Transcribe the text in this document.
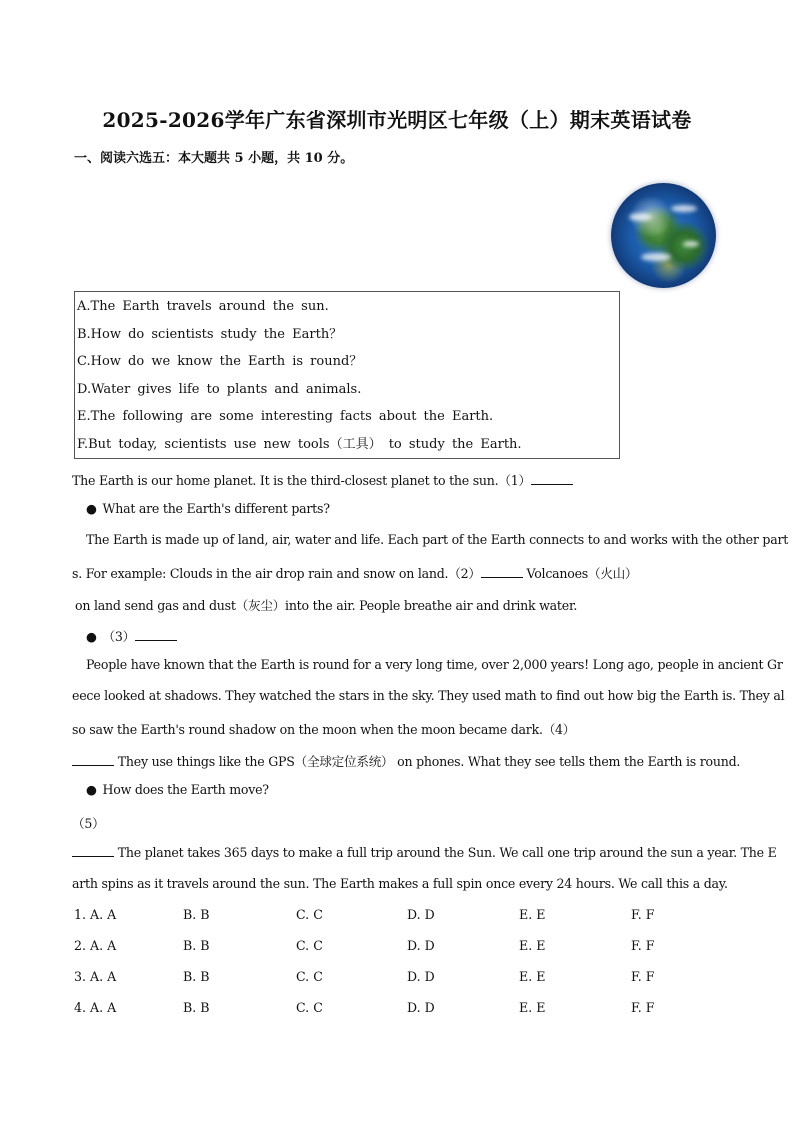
2025-2026学年广东省深圳市光明区七年级（上）期末英语试卷
一、阅读六选五：本大题共 5 小题，共 10 分。
A.The Earth travels around the sun.
B.How do scientists study the Earth？
C.How do we know the Earth is round？
D.Water gives life to plants and animals.
E.The following are some interesting facts about the Earth.
F.But today, scientists use new tools（工具） to study the Earth.
The Earth is our home planet. It is the third-closest planet to the sun.（1）
● What are the Earth's different parts?
The Earth is made up of land, air, water and life. Each part of the Earth connects to and works with the other part
s. For example: Clouds in the air drop rain and snow on land.（2）	Volcanoes（火山）
on land send gas and dust（灰尘）into the air. People breathe air and drink water.
● （3）
People have known that the Earth is round for a very long time, over 2,000 years! Long ago, people in ancient Gr
eece looked at shadows. They watched the stars in the sky. They used math to find out how big the Earth is. They al
so saw the Earth's round shadow on the moon when the moon became dark.（4）
They use things like the GPS（全球定位系统） on phones. What they see tells them the Earth is round.
● How does the Earth move?
（5）
The planet takes 365 days to make a full trip around the Sun. We call one trip around the sun a year. The E
arth spins as it travels around the sun. The Earth makes a full spin once every 24 hours. We call this a day.
1. A. A	B. B	C. C	D. D	E. E	F. F
2. A. A	B. B	C. C	D. D	E. E	F. F
3. A. A	B. B	C. C	D. D	E. E	F. F
4. A. A	B. B	C. C	D. D	E. E	F. F
